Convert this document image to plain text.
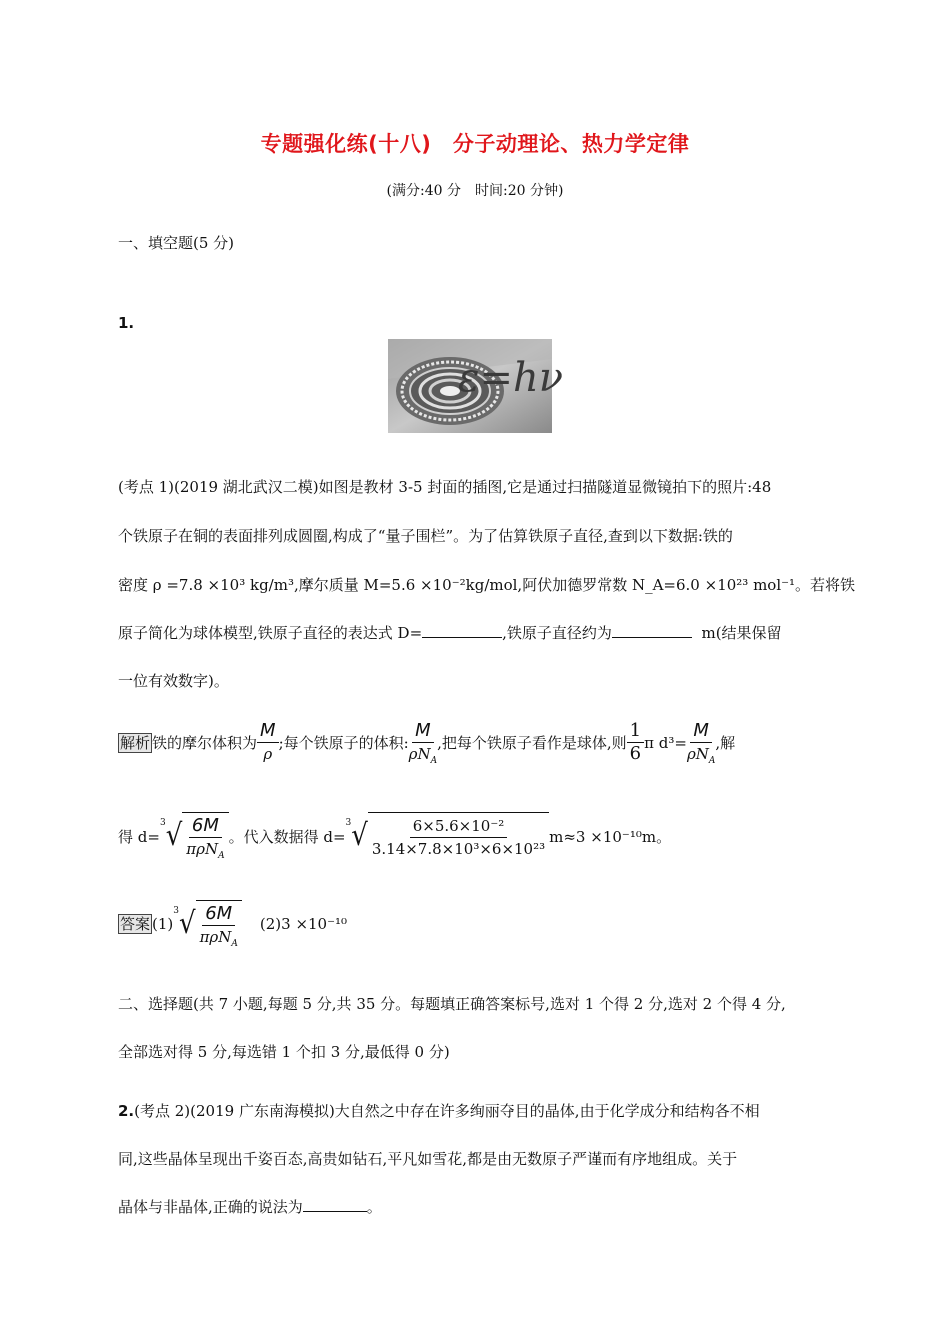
专题强化练(十八)　分子动理论、热力学定律
(满分:40 分　时间:20 分钟)
一、填空题(5 分)
1.
ε=hν
(考点 1)(2019 湖北武汉二模)如图是教材 3-5 封面的插图,它是通过扫描隧道显微镜拍下的照片:48
个铁原子在铜的表面排列成圆圈,构成了“量子围栏”。为了估算铁原子直径,查到以下数据:铁的
密度 ρ =7.8 ×10³ kg/m³,摩尔质量 M=5.6 ×10⁻²kg/mol,阿伏加德罗常数 N_A=6.0 ×10²³ mol⁻¹。若将铁
原子简化为球体模型,铁原子直径的表达式 D=	,铁原子直径约为	m(结果保留
一位有效数字)。
解析 铁的摩尔体积为 $\frac{M}{\rho}$ ;每个铁原子的体积: $\frac{M}{\rho N_A}$ ,把每个铁原子看作是球体,则 $\frac{1}{6}$ π $d^3= \frac{M}{\rho N_A}$ ,解
得 d=
3 √ $\frac{6M}{\pi\rho N_A}$ 。代入数据得 d=
3 √ $\frac{\text{6×5.6×10⁻²}}{\text{3.14×7.8×10³×6×10²³}} m\approx 3 \times 10^{-10}m$。
答案 (1)
3 √ $\frac{6M}{\pi\rho N_A} (2)3 \times 10^{-10}$
二、选择题(共 7 小题,每题 5 分,共 35 分。每题填正确答案标号,选对 1 个得 2 分,选对 2 个得 4 分,
全部选对得 5 分,每选错 1 个扣 3 分,最低得 0 分)
2.(考点 2)(2019 广东南海模拟)大自然之中存在许多绚丽夺目的晶体,由于化学成分和结构各不相
同,这些晶体呈现出千姿百态,高贵如钻石,平凡如雪花,都是由无数原子严谨而有序地组成。关于
晶体与非晶体,正确的说法为	。
